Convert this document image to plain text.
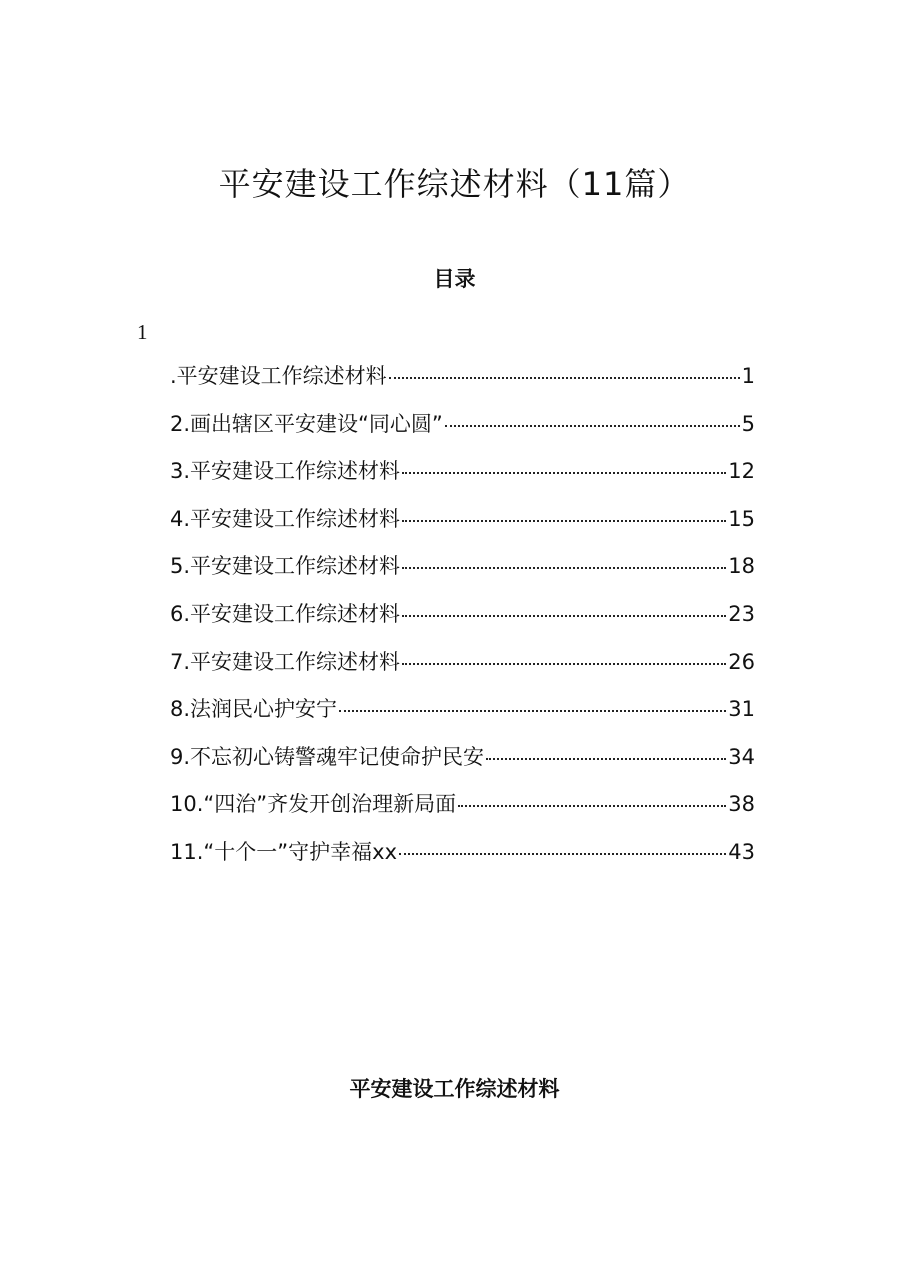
平安建设工作综述材料（11篇）
目录
1
.平安建设工作综述材料	1
2.画出辖区平安建设“同心圆”	5
3.平安建设工作综述材料	12
4.平安建设工作综述材料	15
5.平安建设工作综述材料	18
6.平安建设工作综述材料	23
7.平安建设工作综述材料	26
8.法润民心护安宁	31
9.不忘初心铸警魂牢记使命护民安	34
10.“四治”齐发开创治理新局面	38
11.“十个一”守护幸福xx	43
平安建设工作综述材料
